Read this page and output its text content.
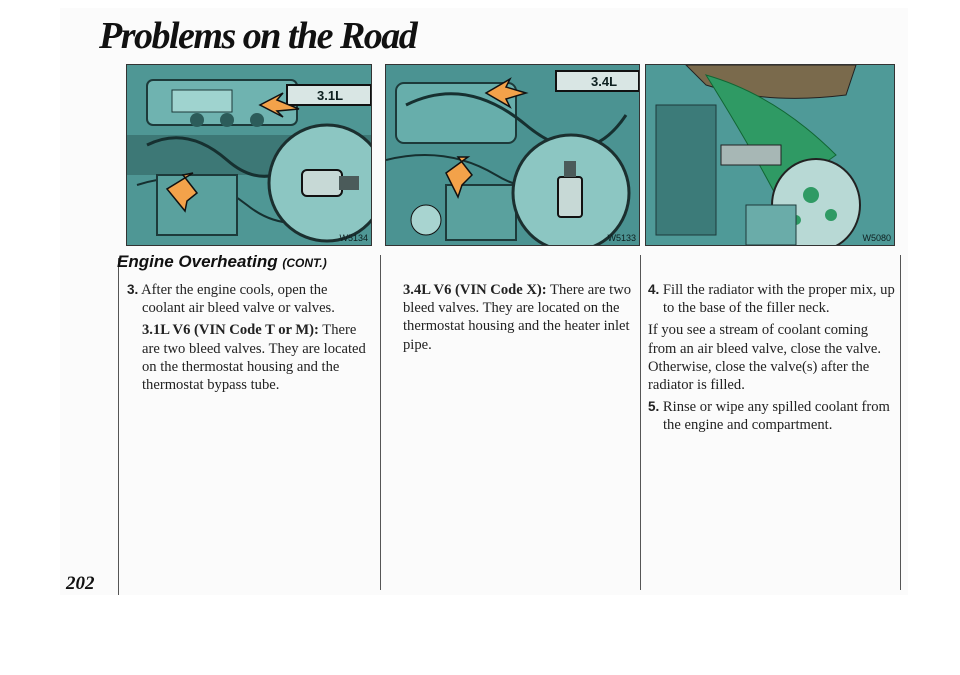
Problems on the Road
W5134
3.1L
W5133
3.4L
W5080
Engine Overheating (CONT.)

3. After the engine cools, open the coolant air bleed valve or valves.

3.1L V6 (VIN Code T or M): There are two bleed valves. They are located on the thermostat housing and the thermostat bypass tube.

3.4L V6 (VIN Code X): There are two bleed valves. They are located on the thermostat housing and the heater inlet pipe.

4. Fill the radiator with the proper mix, up to the base of the filler neck.

If you see a stream of coolant coming from an air bleed valve, close the valve. Otherwise, close the valve(s) after the radiator is filled.

5. Rinse or wipe any spilled coolant from the engine and compartment.

202
